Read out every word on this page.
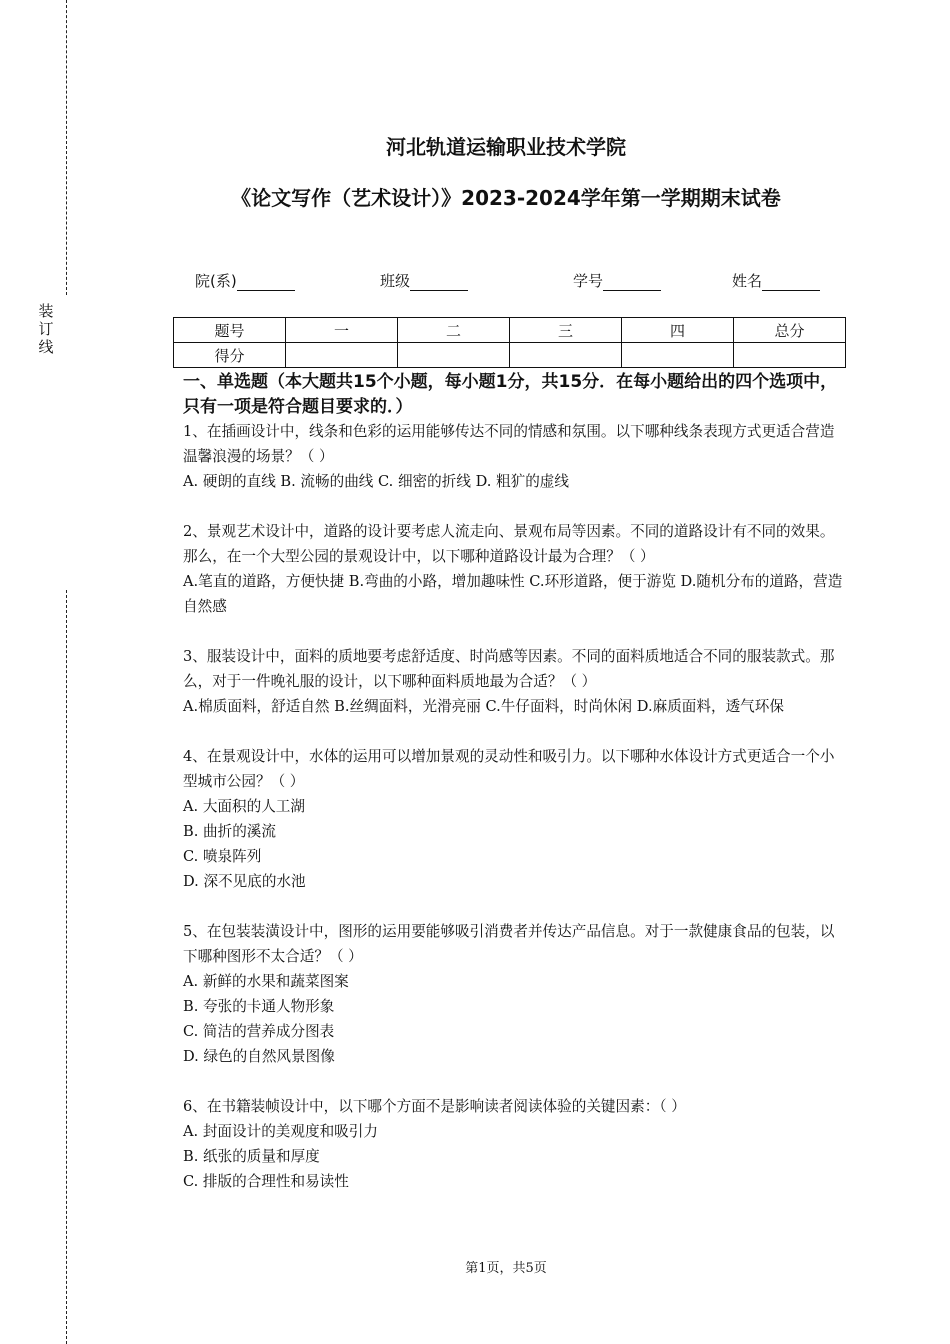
装
订
线
河北轨道运输职业技术学院
《论文写作（艺术设计）》2023-2024学年第一学期期末试卷
院(系)	班级	学号	姓名
题号	一	二	三	四	总分
得分					
一、单选题（本大题共15个小题，每小题1分，共15分．在每小题给出的四个选项中，只有一项是符合题目要求的．）

1、在插画设计中，线条和色彩的运用能够传达不同的情感和氛围。以下哪种线条表现方式更适合营造温馨浪漫的场景？（ ）

A. 硬朗的直线 B. 流畅的曲线 C. 细密的折线 D. 粗犷的虚线

2、景观艺术设计中，道路的设计要考虑人流走向、景观布局等因素。不同的道路设计有不同的效果。那么，在一个大型公园的景观设计中，以下哪种道路设计最为合理？（ ）

A.笔直的道路，方便快捷 B.弯曲的小路，增加趣味性 C.环形道路，便于游览 D.随机分布的道路，营造自然感

3、服装设计中，面料的质地要考虑舒适度、时尚感等因素。不同的面料质地适合不同的服装款式。那么，对于一件晚礼服的设计，以下哪种面料质地最为合适？（ ）

A.棉质面料，舒适自然 B.丝绸面料，光滑亮丽 C.牛仔面料，时尚休闲 D.麻质面料，透气环保

4、在景观设计中，水体的运用可以增加景观的灵动性和吸引力。以下哪种水体设计方式更适合一个小型城市公园？（ ）

A. 大面积的人工湖

B. 曲折的溪流

C. 喷泉阵列

D. 深不见底的水池

5、在包装装潢设计中，图形的运用要能够吸引消费者并传达产品信息。对于一款健康食品的包装，以下哪种图形不太合适？（ ）

A. 新鲜的水果和蔬菜图案

B. 夸张的卡通人物形象

C. 简洁的营养成分图表

D. 绿色的自然风景图像

6、在书籍装帧设计中，以下哪个方面不是影响读者阅读体验的关键因素：（ ）

A. 封面设计的美观度和吸引力

B. 纸张的质量和厚度

C. 排版的合理性和易读性

第1页，共5页
